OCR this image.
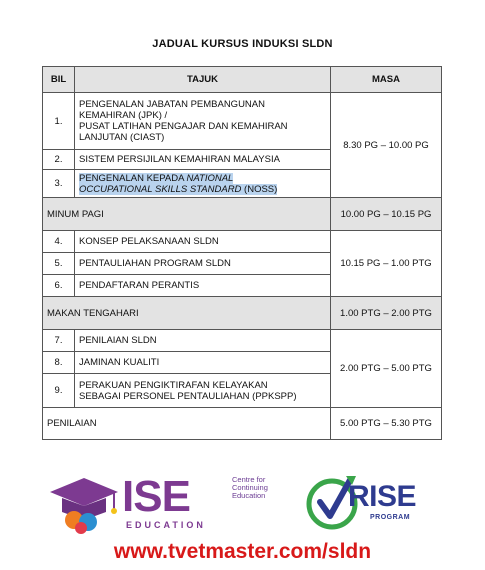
JADUAL KURSUS INDUKSI SLDN
BIL	TAJUK	MASA
1.	PENGENALAN JABATAN PEMBANGUNAN
KEMAHIRAN (JPK) /
PUSAT LATIHAN PENGAJAR DAN KEMAHIRAN
LANJUTAN (CIAST)	8.30 PG – 10.00 PG
2.	SISTEM PERSIJILAN KEMAHIRAN MALAYSIA	
3.	PENGENALAN KEPADA NATIONAL
OCCUPATIONAL SKILLS STANDARD (NOSS)	

MINUM PAGI		10.00 PG – 10.15 PG
4.	KONSEP PELAKSANAAN SLDN	10.15 PG – 1.00 PTG
5.	PENTAULIAHAN PROGRAM SLDN	
6.	PENDAFTARAN PERANTIS	
MAKAN TENGAHARI		1.00 PTG – 2.00 PTG
7.	PENILAIAN SLDN	2.00 PTG – 5.00 PTG
8.	JAMINAN KUALITI	
9.	PERAKUAN PENGIKTIRAFAN KELAYAKAN
SEBAGAI PERSONEL PENTAULIAHAN (PPKSPP)	

PENILAIAN		5.00 PTG – 5.30 PTG
ISE
EDUCATION
Centre for
Continuing
Education	RISE
PROGRAM
www.tvetmaster.com/sldn
